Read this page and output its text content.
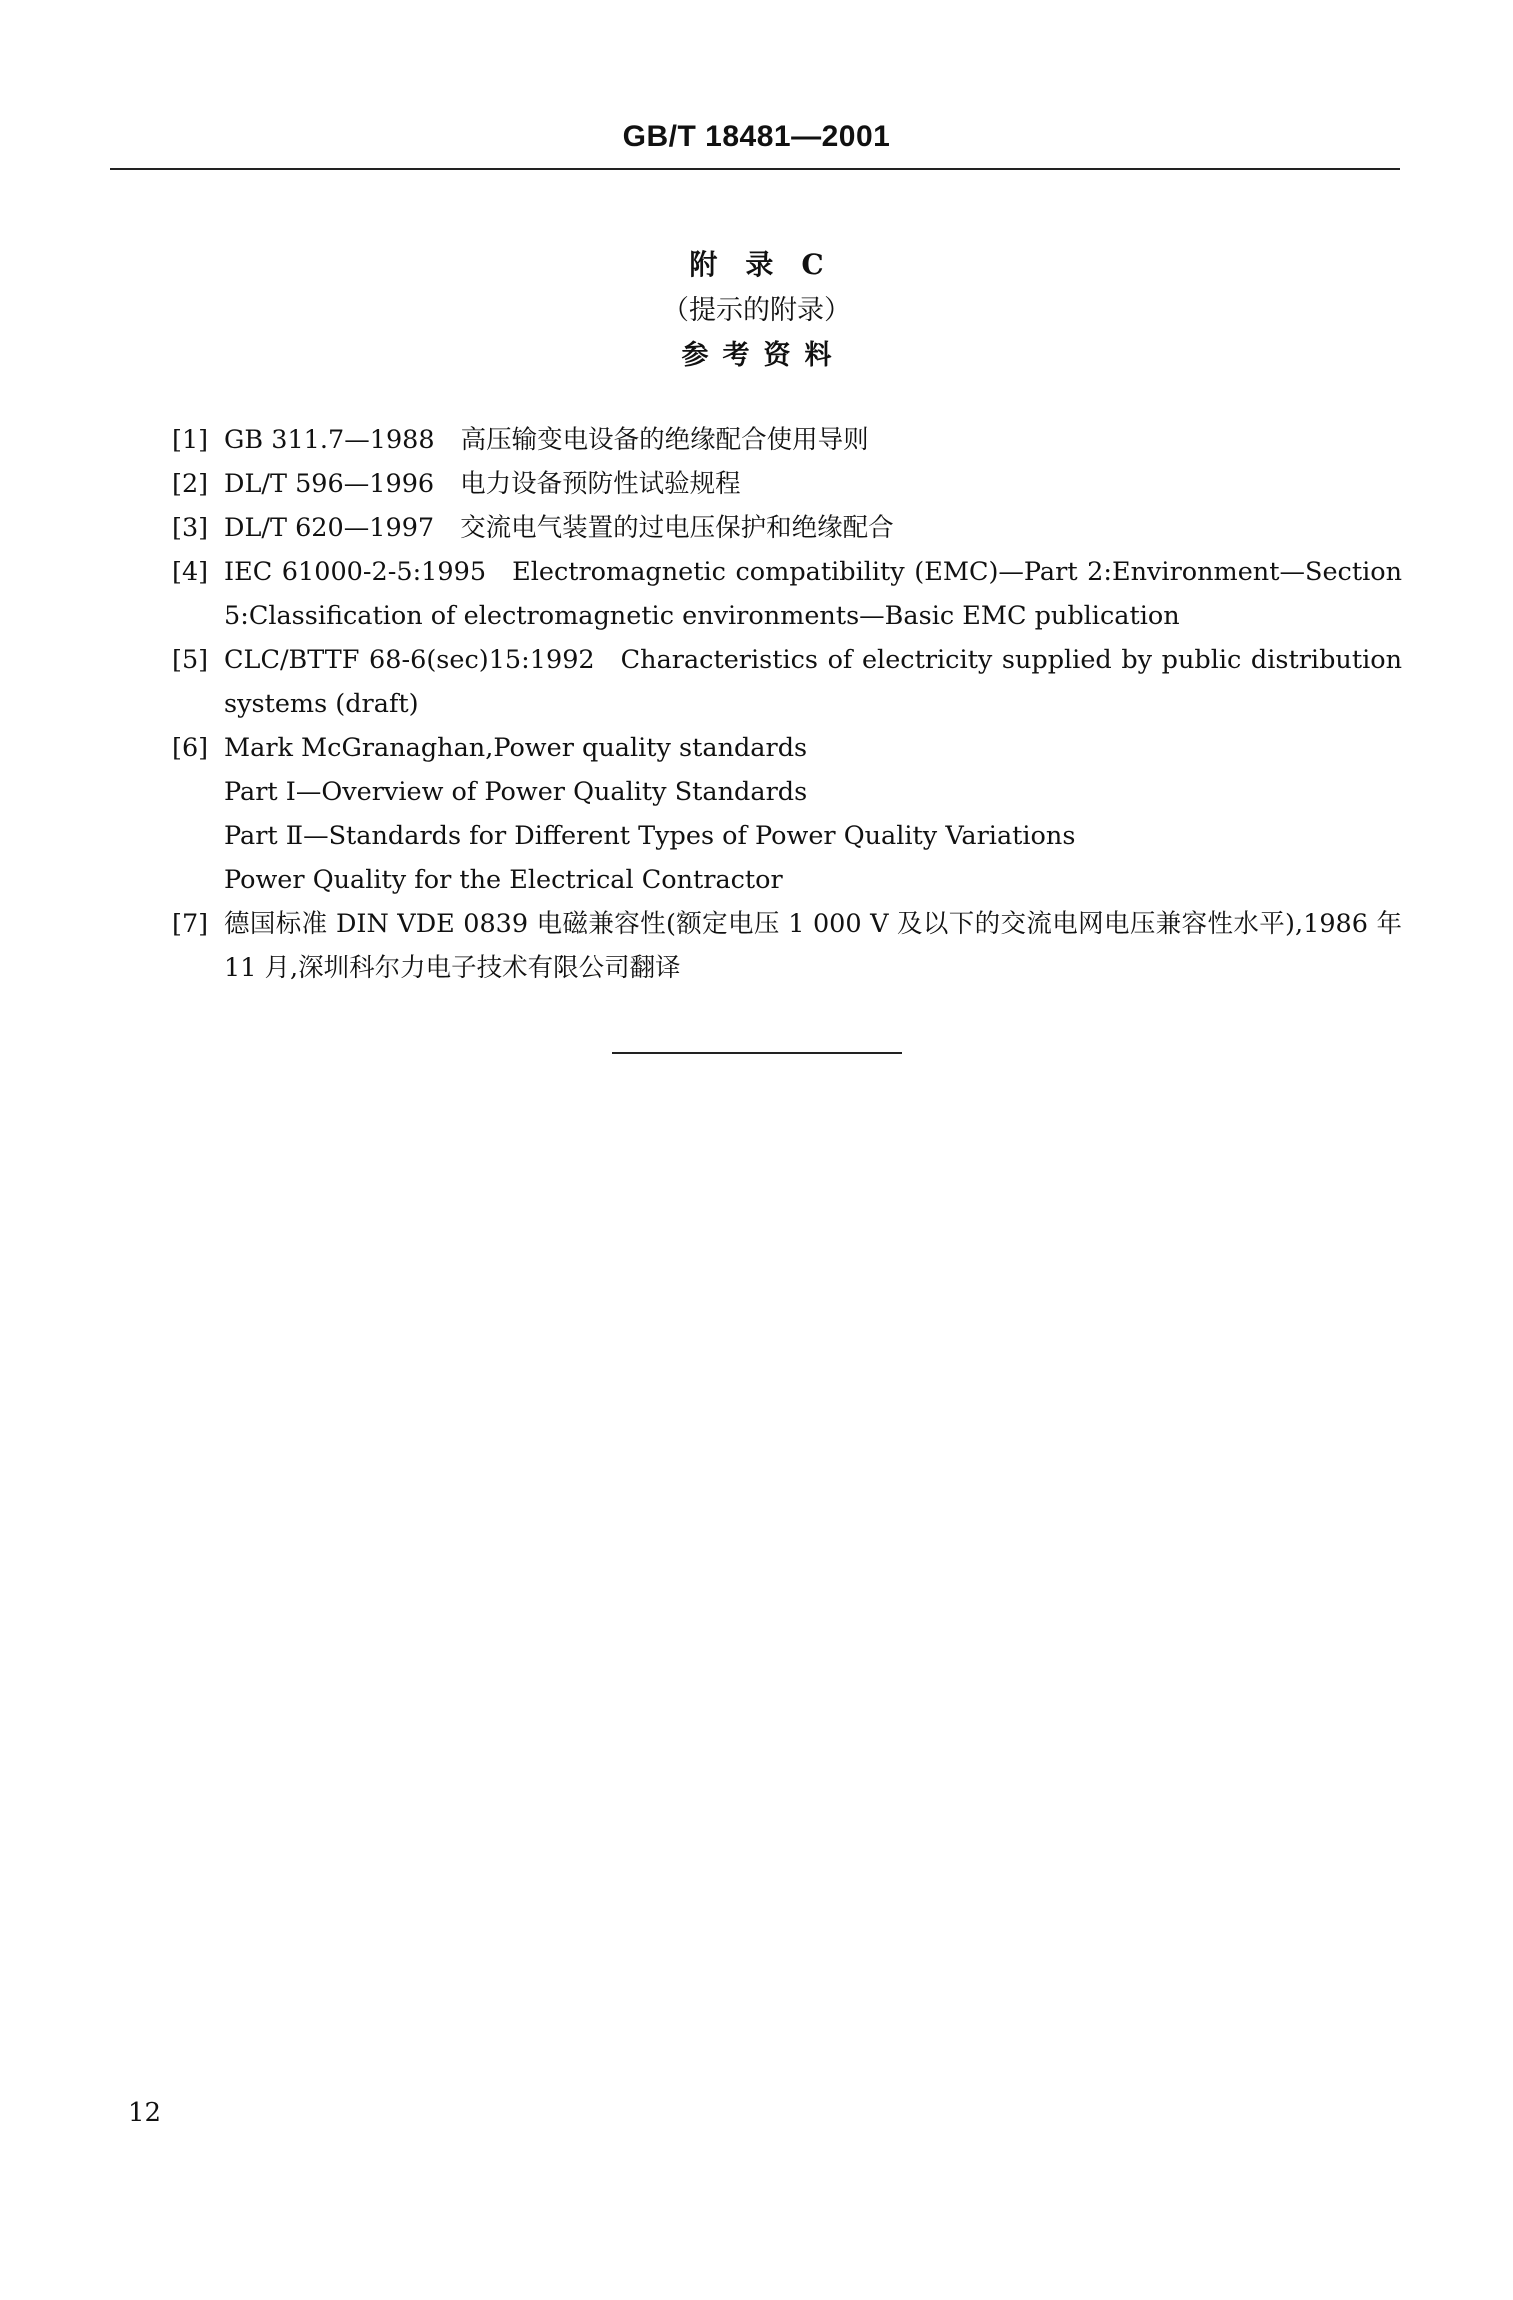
GB/T 18481—2001
附录C
（提示的附录）
参考资料
[1] GB 311.7—1988 高压输变电设备的绝缘配合使用导则
[2] DL/T 596—1996 电力设备预防性试验规程
[3] DL/T 620—1997 交流电气装置的过电压保护和绝缘配合
[4] IEC 61000-2-5:1995 Electromagnetic compatibility (EMC)—Part 2:Environment—Section 5:Classification of electromagnetic environments—Basic EMC publication
[5] CLC/BTTF 68-6(sec)15:1992 Characteristics of electricity supplied by public distribution systems (draft)
[6] Mark McGranaghan,Power quality standards
Part Ⅰ—Overview of Power Quality Standards
Part Ⅱ—Standards for Different Types of Power Quality Variations
Power Quality for the Electrical Contractor
[7] 德国标准 DIN VDE 0839 电磁兼容性(额定电压 1 000 V 及以下的交流电网电压兼容性水平),1986 年 11 月,深圳科尔力电子技术有限公司翻译
12
